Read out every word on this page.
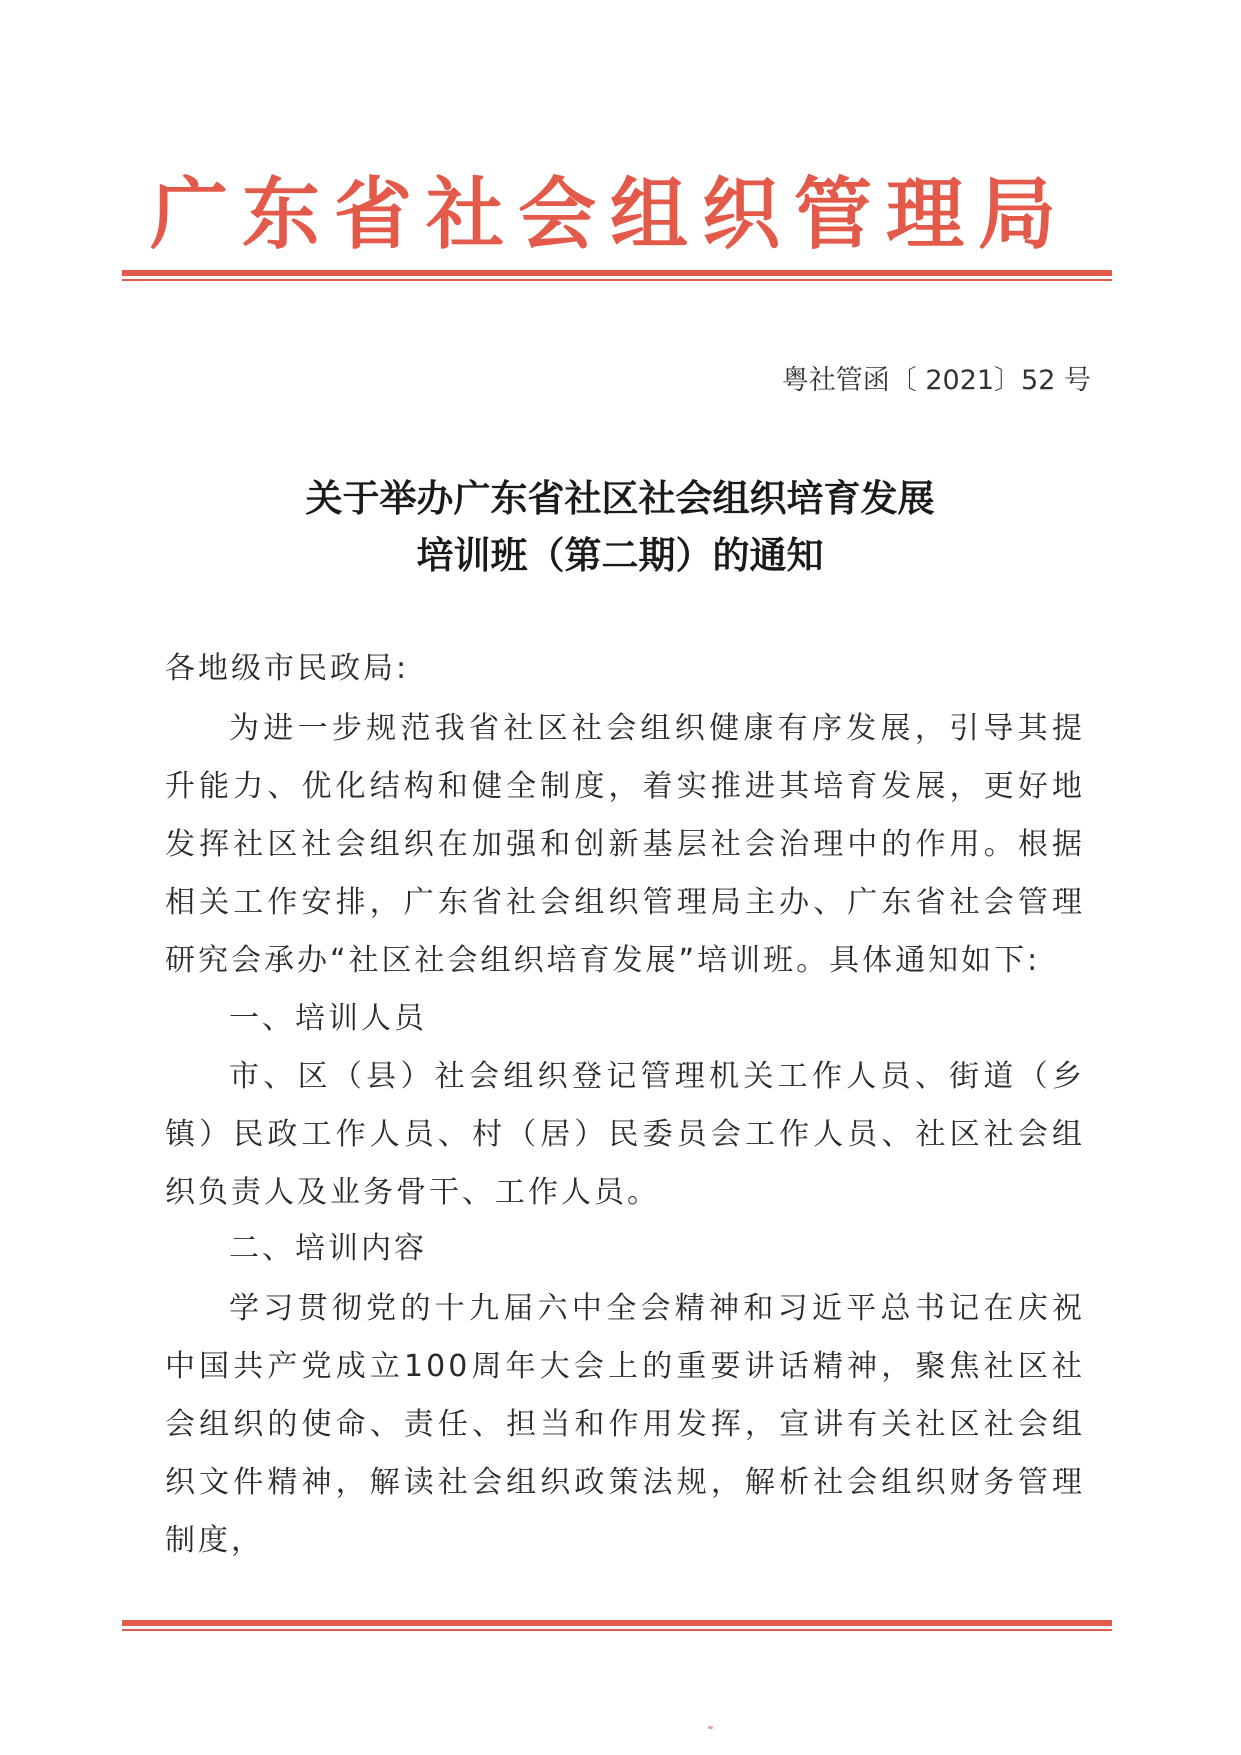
广东省社会组织管理局
粤社管函〔 2021〕52 号
关于举办广东省社区社会组织培育发展
培训班（第二期）的通知
各地级市民政局:
为进一步规范我省社区社会组织健康有序发展，引导其提升能力、优化结构和健全制度，着实推进其培育发展，更好地发挥社区社会组织在加强和创新基层社会治理中的作用。根据相关工作安排，广东省社会组织管理局主办、广东省社会管理研究会承办“社区社会组织培育发展”培训班。具体通知如下:
一、培训人员
市、区（县）社会组织登记管理机关工作人员、街道（乡镇）民政工作人员、村（居）民委员会工作人员、社区社会组织负责人及业务骨干、工作人员。
二、培训内容
学习贯彻党的十九届六中全会精神和习近平总书记在庆祝中国共产党成立100周年大会上的重要讲话精神，聚焦社区社会组织的使命、责任、担当和作用发挥，宣讲有关社区社会组织文件精神，解读社会组织政策法规，解析社会组织财务管理制度，
